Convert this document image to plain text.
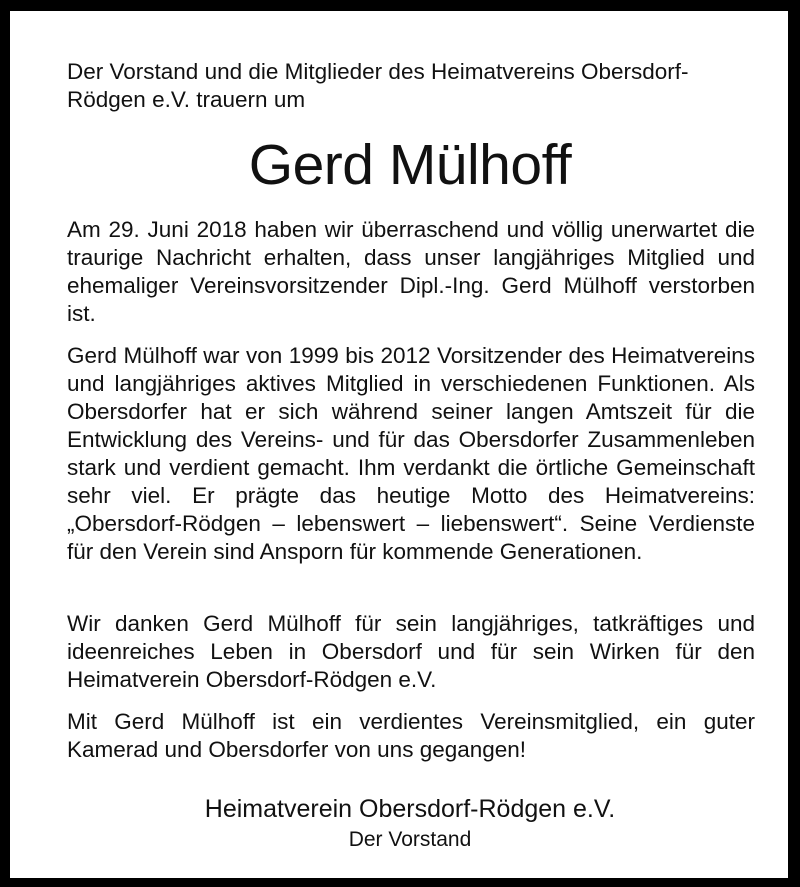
Der Vorstand und die Mitglieder des Heimatvereins Obersdorf-Rödgen e.V. trauern um

Gerd Mülhoff

Am 29. Juni 2018 haben wir überraschend und völlig unerwartet die traurige Nachricht erhalten, dass unser langjähriges Mitglied und ehemaliger Vereinsvorsitzender Dipl.-Ing. Gerd Mülhoff verstorben ist.

Gerd Mülhoff war von 1999 bis 2012 Vorsitzender des Heimatvereins und langjähriges aktives Mitglied in verschiedenen Funktionen. Als Obersdorfer hat er sich während seiner langen Amtszeit für die Entwicklung des Vereins- und für das Obersdorfer Zusammenleben stark und verdient gemacht. Ihm verdankt die örtliche Gemeinschaft sehr viel. Er prägte das heutige Motto des Heimatvereins: „Obersdorf-Rödgen – lebenswert – liebenswert“. Seine Verdienste für den Verein sind Ansporn für kommende Generationen.

Wir danken Gerd Mülhoff für sein langjähriges, tatkräftiges und ideenreiches Leben in Obersdorf und für sein Wirken für den Heimatverein Obersdorf-Rödgen e.V.

Mit Gerd Mülhoff ist ein verdientes Vereinsmitglied, ein guter Kamerad und Obersdorfer von uns gegangen!

Heimatverein Obersdorf-Rödgen e.V.

Der Vorstand
